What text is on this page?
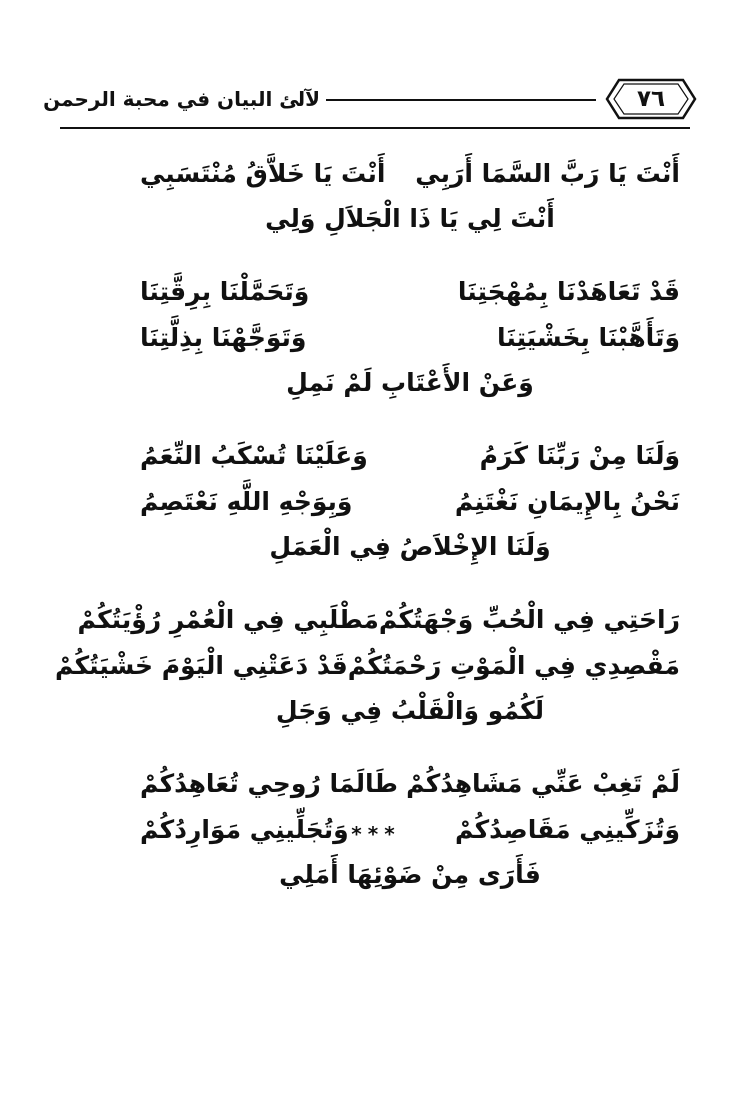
٧٦
لآلئ البيان في محبة الرحمن
أَنْتَ يَا رَبَّ السَّمَا أَرَبِي
أَنْتَ يَا خَلاَّقُ مُنْتَسَبِي
أَنْتَ لِي يَا ذَا الْجَلاَلِ وَلِي
قَدْ تَعَاهَدْنَا بِمُهْجَتِنَا
وَتَحَمَّلْنَا بِرِقَّتِنَا
وَتَأَهَّبْنَا بِخَشْيَتِنَا
وَتَوَجَّهْنَا بِذِلَّتِنَا
وَعَنْ الأَعْتَابِ لَمْ نَمِلِ
وَلَنَا مِنْ رَبِّنَا كَرَمُ
وَعَلَيْنَا تُسْكَبُ النِّعَمُ
نَحْنُ بِالإِيمَانِ نَغْتَنِمُ
وَبِوَجْهِ اللَّهِ نَعْتَصِمُ
وَلَنَا الإِخْلاَصُ فِي الْعَمَلِ
رَاحَتِي فِي الْحُبِّ وَجْهَتُكُمْ
مَطْلَبِي فِي الْعُمْرِ رُؤْيَتُكُمْ
مَقْصِدِي فِي الْمَوْتِ رَحْمَتُكُمْ
قَدْ دَعَتْنِي الْيَوْمَ خَشْيَتُكُمْ
لَكُمُو وَالْقَلْبُ فِي وَجَلِ
لَمْ تَغِبْ عَنِّي مَشَاهِدُكُمْ
طَالَمَا رُوحِي تُعَاهِدُكُمْ
وَتُزَكِّينِي مَقَاصِدُكُمْ
وَتُجَلِّينِي مَوَارِدُكُمْ
فَأَرَى مِنْ ضَوْئِهَا أَمَلِي
***
